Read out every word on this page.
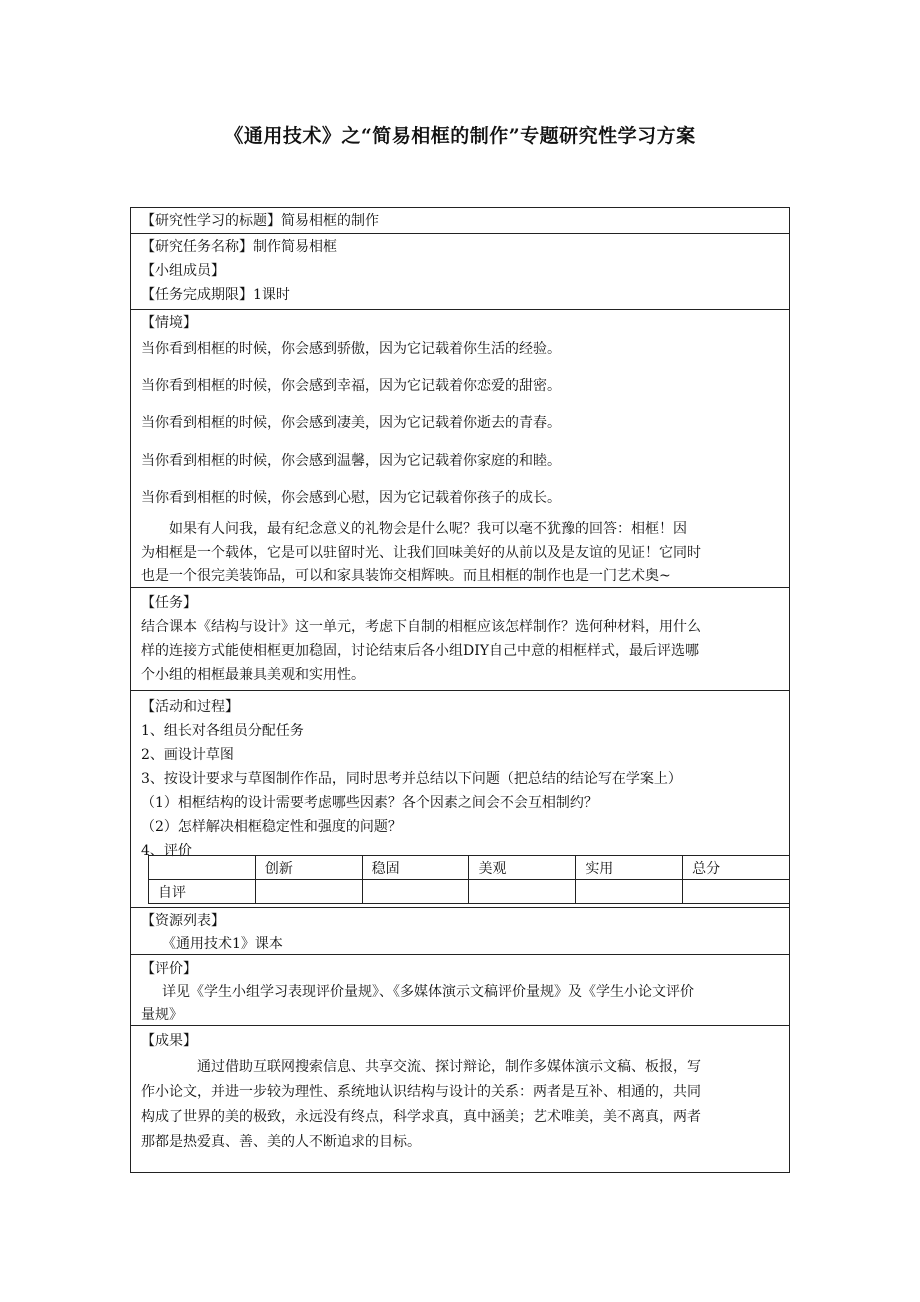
《通用技术》之“简易相框的制作”专题研究性学习方案
【研究性学习的标题】简易相框的制作
【研究任务名称】制作简易相框
【小组成员】
【任务完成期限】1课时
【情境】
当你看到相框的时候，你会感到骄傲，因为它记载着你生活的经验。
当你看到相框的时候，你会感到幸福，因为它记载着你恋爱的甜密。
当你看到相框的时候，你会感到凄美，因为它记载着你逝去的青春。
当你看到相框的时候，你会感到温馨，因为它记载着你家庭的和睦。
当你看到相框的时候，你会感到心慰，因为它记载着你孩子的成长。
如果有人问我，最有纪念意义的礼物会是什么呢？我可以毫不犹豫的回答：相框！因
为相框是一个载体，它是可以驻留时光、让我们回味美好的从前以及是友谊的见证！它同时
也是一个很完美装饰品，可以和家具装饰交相辉映。而且相框的制作也是一门艺术奥~
【任务】
结合课本《结构与设计》这一单元，考虑下自制的相框应该怎样制作？选何种材料，用什么
样的连接方式能使相框更加稳固，讨论结束后各小组DIY自己中意的相框样式，最后评选哪
个小组的相框最兼具美观和实用性。
【活动和过程】
1、组长对各组员分配任务
2、画设计草图
3、按设计要求与草图制作作品，同时思考并总结以下问题（把总结的结论写在学案上）
（1）相框结构的设计需要考虑哪些因素？各个因素之间会不会互相制约？
（2）怎样解决相框稳定性和强度的问题？
4、评价
	创新	稳固	美观	实用	总分
自评					
【资源列表】
《通用技术1》课本
【评价】
详见《学生小组学习表现评价量规》、《多媒体演示文稿评价量规》及《学生小论文评价
量规》
【成果】
通过借助互联网搜索信息、共享交流、探讨辩论，制作多媒体演示文稿、板报，写
作小论文，并进一步较为理性、系统地认识结构与设计的关系：两者是互补、相通的，共同
构成了世界的美的极致，永远没有终点，科学求真，真中涵美；艺术唯美，美不离真，两者
那都是热爱真、善、美的人不断追求的目标。
